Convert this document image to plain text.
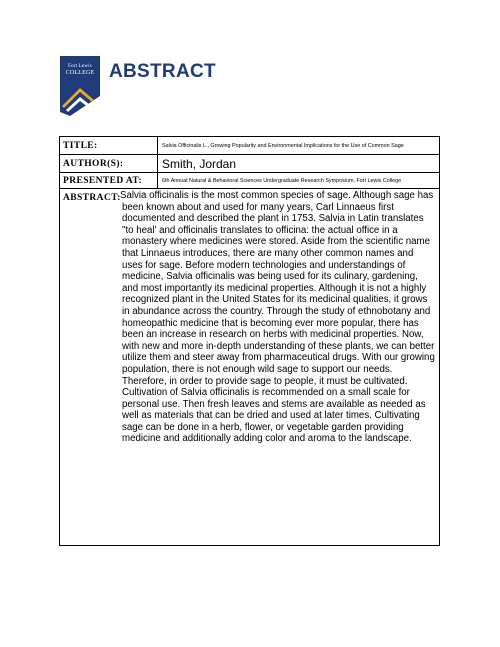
Fort Lewis
COLLEGE ABSTRACT
TITLE:	Salvia Officinalis L., Growing Popularity and Environmental Implications for the Use of Common Sage
AUTHOR(S):	Smith, Jordan
PRESENTED AT:	6th Annual Natural & Behavioral Sciences Undergraduate Research Symposium, Fort Lewis College
ABSTRACT: Salvia officinalis is the most common species of sage. Although sage has been known about and used for many years, Carl Linnaeus first documented and described the plant in 1753. Salvia in Latin translates "to heal' and officinalis translates to officina: the actual office in a monastery where medicines were stored. Aside from the scientific name that Linnaeus introduces, there are many other common names and uses for sage. Before modern technologies and understandings of medicine, Salvia officinalis was being used for its culinary, gardening, and most importantly its medicinal properties. Although it is not a highly recognized plant in the United States for its medicinal qualities, it grows in abundance across the country. Through the study of ethnobotany and homeopathic medicine that is becoming ever more popular, there has been an increase in research on herbs with medicinal properties. Now, with new and more in-depth understanding of these plants, we can better utilize them and steer away from pharmaceutical drugs. With our growing population, there is not enough wild sage to support our needs. Therefore, in order to provide sage to people, it must be cultivated. Cultivation of Salvia officinalis is recommended on a small scale for personal use. Then fresh leaves and stems are available as needed as well as materials that can be dried and used at later times. Cultivating sage can be done in a herb, flower, or vegetable garden providing medicine and additionally adding color and aroma to the landscape.
